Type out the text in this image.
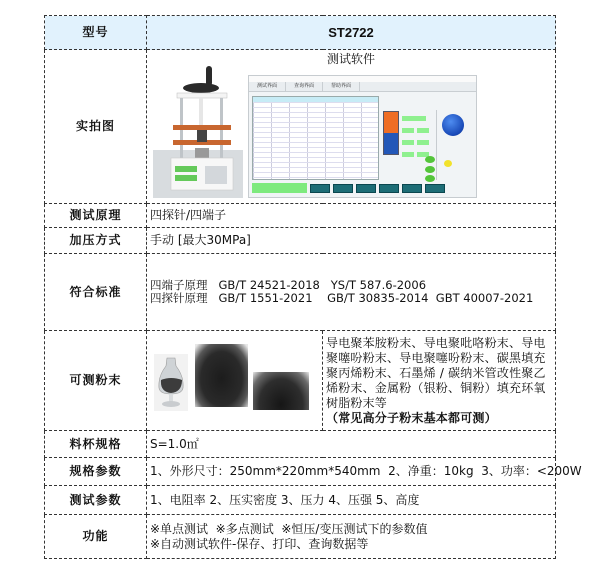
型号	ST2722	
实拍图	测试软件
测试界面 查询界面 帮助界面	

测试原理	四探针/四端子	
加压方式	手动 [最大30MPa]	
符合标准	四端子原理   GB/T 24521-2018   YS/T 587.6-2006
四探针原理   GB/T 1551-2021    GB/T 30835-2014  GBT 40007-2021	

可测粉末		导电聚苯胺粉末、导电聚吡咯粉末、导电聚噻吩粉末、导电聚噻吩粉末、碳黑填充聚丙烯粉末、石墨烯 / 碳纳米管改性聚乙烯粉末、金属粉（银粉、铜粉）填充环氧树脂粉末等
（常见高分子粉末基本都可测）

料杯规格	S=1.0㎡	
规格参数	1、外形尺寸：250mm*220mm*540mm  2、净重：10kg  3、功率：<200W	
测试参数	1、电阻率 2、压实密度 3、压力 4、压强 5、高度	
功能	※单点测试  ※多点测试  ※恒压/变压测试下的参数值
※自动测试软件-保存、打印、查询数据等	
